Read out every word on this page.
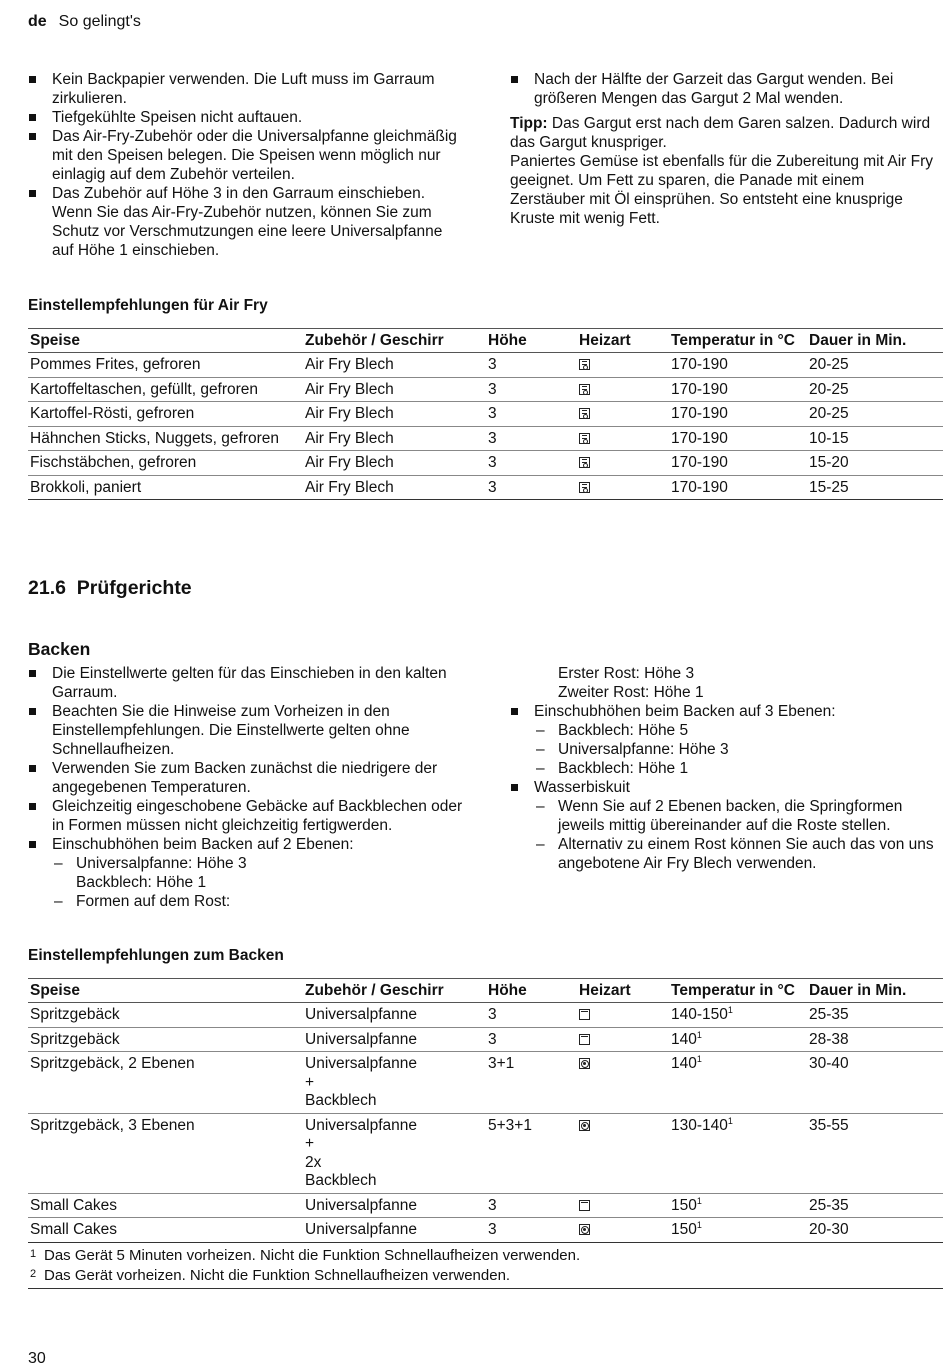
de So gelingt's
Kein Backpapier verwenden. Die Luft muss im Garraum zirkulieren.
Tiefgekühlte Speisen nicht auftauen.
Das Air-Fry-Zubehör oder die Universalpfanne gleichmäßig mit den Speisen belegen. Die Speisen wenn möglich nur einlagig auf dem Zubehör verteilen.
Das Zubehör auf Höhe 3 in den Garraum einschieben. Wenn Sie das Air-Fry-Zubehör nutzen, können Sie zum Schutz vor Verschmutzungen eine leere Universalpfanne auf Höhe 1 einschieben.
Nach der Hälfte der Garzeit das Gargut wenden. Bei größeren Mengen das Gargut 2 Mal wenden.
Tipp: Das Gargut erst nach dem Garen salzen. Dadurch wird das Gargut knuspriger.
Paniertes Gemüse ist ebenfalls für die Zubereitung mit Air Fry geeignet. Um Fett zu sparen, die Panade mit einem Zerstäuber mit Öl einsprühen. So entsteht eine knusprige Kruste mit wenig Fett.
Einstellempfehlungen für Air Fry
Speise	Zubehör / Geschirr	Höhe	Heizart	Temperatur in °C	Dauer in Min.
Pommes Frites, gefroren	Air Fry Blech	3		170-190	20-25
Kartoffeltaschen, gefüllt, gefroren	Air Fry Blech	3		170-190	20-25
Kartoffel-Rösti, gefroren	Air Fry Blech	3		170-190	20-25
Hähnchen Sticks, Nuggets, gefroren	Air Fry Blech	3		170-190	10-15
Fischstäbchen, gefroren	Air Fry Blech	3		170-190	15-20
Brokkoli, paniert	Air Fry Blech	3		170-190	15-25
21.6 Prüfgerichte
Backen
Die Einstellwerte gelten für das Einschieben in den kalten Garraum.
Beachten Sie die Hinweise zum Vorheizen in den Einstellempfehlungen. Die Einstellwerte gelten ohne Schnellaufheizen.
Verwenden Sie zum Backen zunächst die niedrigere der angegebenen Temperaturen.
Gleichzeitig eingeschobene Gebäcke auf Backblechen oder in Formen müssen nicht gleichzeitig fertigwerden.
Einschubhöhen beim Backen auf 2 Ebenen:
– Universalpfanne: Höhe 3
Backblech: Höhe 1
– Formen auf dem Rost:
Erster Rost: Höhe 3
Zweiter Rost: Höhe 1
Einschubhöhen beim Backen auf 3 Ebenen:
– Backblech: Höhe 5
– Universalpfanne: Höhe 3
– Backblech: Höhe 1
Wasserbiskuit
– Wenn Sie auf 2 Ebenen backen, die Springformen jeweils mittig übereinander auf die Roste stellen.
– Alternativ zu einem Rost können Sie auch das von uns angebotene Air Fry Blech verwenden.
Einstellempfehlungen zum Backen
Speise	Zubehör / Geschirr	Höhe	Heizart	Temperatur in °C	Dauer in Min.
Spritzgebäck	Universalpfanne	3		$140-150^1$	25-35
Spritzgebäck	Universalpfanne	3		$140^1$	28-38
Spritzgebäck, 2 Ebenen	Universalpfanne
+
Backblech	3+1		$140^1$	30-40
Spritzgebäck, 3 Ebenen	Universalpfanne
+
2x
Backblech	5+3+1		$130-140^1$	35-55
Small Cakes	Universalpfanne	3		$150^1$	25-35
Small Cakes	Universalpfanne	3		$150^1$	20-30
1 Das Gerät 5 Minuten vorheizen. Nicht die Funktion Schnellaufheizen verwenden.
2 Das Gerät vorheizen. Nicht die Funktion Schnellaufheizen verwenden.
30
